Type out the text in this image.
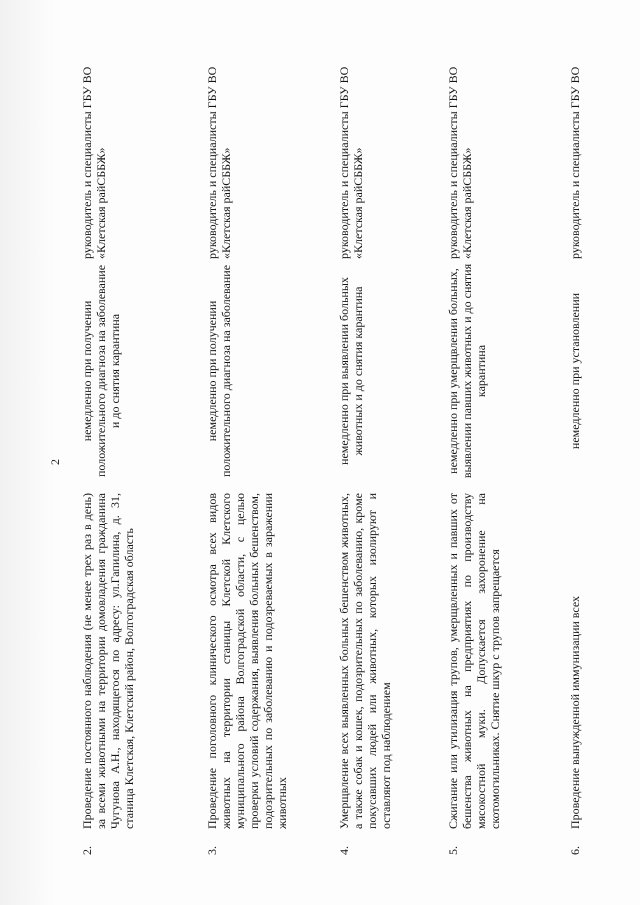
2
2.
Проведение постоянного наблюдения (не менее трех раз в день) за всеми животными на территории домовладения гражданина Чугунова А.Н., находящегося по адресу: ул.Гапилина, д. 31, станица Клетская, Клетский район, Волгоградская область
немедленно при получении положительного диагноза на заболевание и до снятия карантина
руководитель и специалисты ГБУ ВО «Клетская райСББЖ»
3.
Проведение поголовного клинического осмотра всех видов животных на территории станицы Клетской Клетского муниципального района Волгоградской области, с целью проверки условий содержания, выявления больных бешенством, подозрительных по заболеванию и подозреваемых в заражении животных
немедленно при получении положительного диагноза на заболевание
руководитель и специалисты ГБУ ВО «Клетская райСББЖ»
4.
Умерщвление всех выявленных больных бешенством животных, а также собак и кошек, подозрительных по заболеванию, кроме покусавших людей или животных, которых изолируют и оставляют под наблюдением
немедленно при выявлении больных животных и до снятия карантина
руководитель и специалисты ГБУ ВО «Клетская райСББЖ»
5.
Сжигание или утилизация трупов, умерщвленных и павших от бешенства животных на предприятиях по производству мясокостной муки. Допускается захоронение на скотомогильниках. Снятие шкур с трупов запрещается
немедленно при умерщвлении больных, выявлении павших животных и до снятия карантина
руководитель и специалисты ГБУ ВО «Клетская райСББЖ»
6.
Проведение вынужденной иммунизации всех
немедленно при установлении
руководитель и специалисты ГБУ ВО
